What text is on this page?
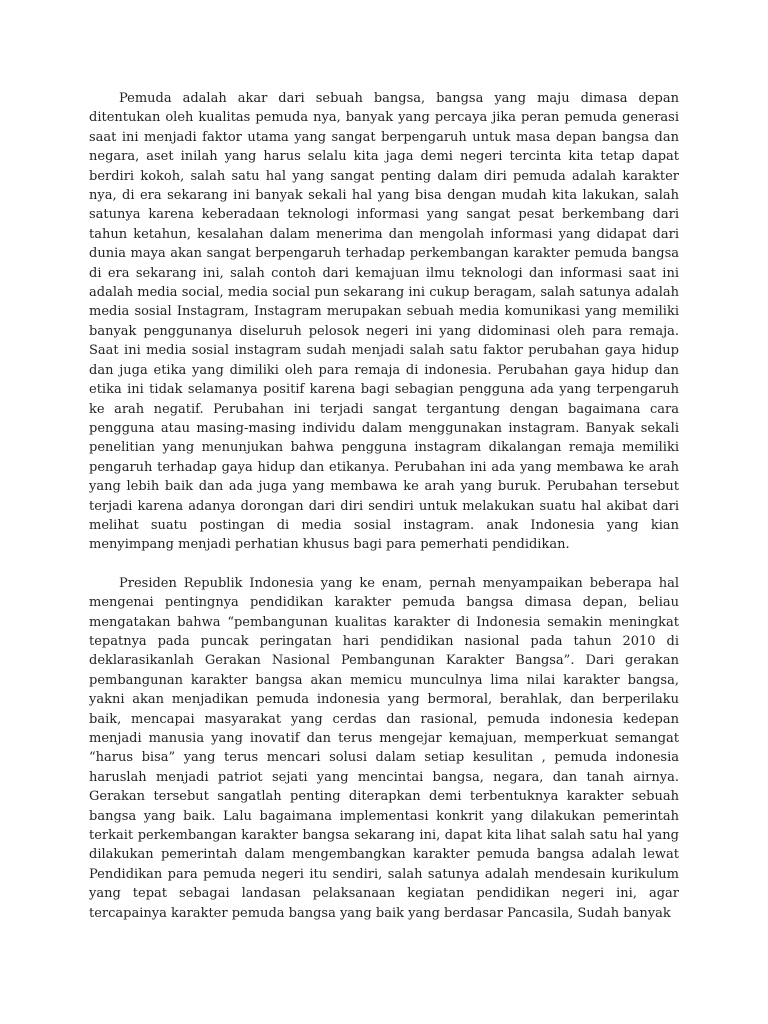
Pemuda adalah akar dari sebuah bangsa, bangsa yang maju dimasa depan ditentukan oleh kualitas pemuda nya, banyak yang percaya jika peran pemuda generasi saat ini menjadi faktor utama yang sangat berpengaruh untuk masa depan bangsa dan negara, aset inilah yang harus selalu kita jaga demi negeri tercinta kita tetap dapat berdiri kokoh, salah satu hal yang sangat penting dalam diri pemuda adalah karakter nya, di era sekarang ini banyak sekali hal yang bisa dengan mudah kita lakukan, salah satunya karena keberadaan teknologi informasi yang sangat pesat berkembang dari tahun ketahun, kesalahan dalam menerima dan mengolah informasi yang didapat dari dunia maya akan sangat berpengaruh terhadap perkembangan karakter pemuda bangsa di era sekarang ini, salah contoh dari kemajuan ilmu teknologi dan informasi saat ini adalah media social, media social pun sekarang ini cukup beragam, salah satunya adalah media sosial Instagram, Instagram merupakan sebuah media komunikasi yang memiliki banyak penggunanya diseluruh pelosok negeri ini yang didominasi oleh para remaja. Saat ini media sosial instagram sudah menjadi salah satu faktor perubahan gaya hidup dan juga etika yang dimiliki oleh para remaja di indonesia. Perubahan gaya hidup dan etika ini tidak selamanya positif karena bagi sebagian pengguna ada yang terpengaruh ke arah negatif. Perubahan ini terjadi sangat tergantung dengan bagaimana cara pengguna atau masing-masing individu dalam menggunakan instagram. Banyak sekali penelitian yang menunjukan bahwa pengguna instagram dikalangan remaja memiliki pengaruh terhadap gaya hidup dan etikanya. Perubahan ini ada yang membawa ke arah yang lebih baik dan ada juga yang membawa ke arah yang buruk. Perubahan tersebut terjadi karena adanya dorongan dari diri sendiri untuk melakukan suatu hal akibat dari melihat suatu postingan di media sosial instagram. anak Indonesia yang kian menyimpang menjadi perhatian khusus bagi para pemerhati pendidikan.

Presiden Republik Indonesia yang ke enam, pernah menyampaikan beberapa hal mengenai pentingnya pendidikan karakter pemuda bangsa dimasa depan, beliau mengatakan bahwa “pembangunan kualitas karakter di Indonesia semakin meningkat tepatnya pada puncak peringatan hari pendidikan nasional pada tahun 2010 di deklarasikanlah Gerakan Nasional Pembangunan Karakter Bangsa”. Dari gerakan pembangunan karakter bangsa akan memicu munculnya lima nilai karakter bangsa, yakni akan menjadikan pemuda indonesia yang bermoral, berahlak, dan berperilaku baik, mencapai masyarakat yang cerdas dan rasional, pemuda indonesia kedepan menjadi manusia yang inovatif dan terus mengejar kemajuan, memperkuat semangat “harus bisa” yang terus mencari solusi dalam setiap kesulitan , pemuda indonesia haruslah menjadi patriot sejati yang mencintai bangsa, negara, dan tanah airnya. Gerakan tersebut sangatlah penting diterapkan demi terbentuknya karakter sebuah bangsa yang baik. Lalu bagaimana implementasi konkrit yang dilakukan pemerintah terkait perkembangan karakter bangsa sekarang ini, dapat kita lihat salah satu hal yang dilakukan pemerintah dalam mengembangkan karakter pemuda bangsa adalah lewat Pendidikan para pemuda negeri itu sendiri, salah satunya adalah mendesain kurikulum yang tepat sebagai landasan pelaksanaan kegiatan pendidikan negeri ini, agar tercapainya karakter pemuda bangsa yang baik yang berdasar Pancasila, Sudah banyak
